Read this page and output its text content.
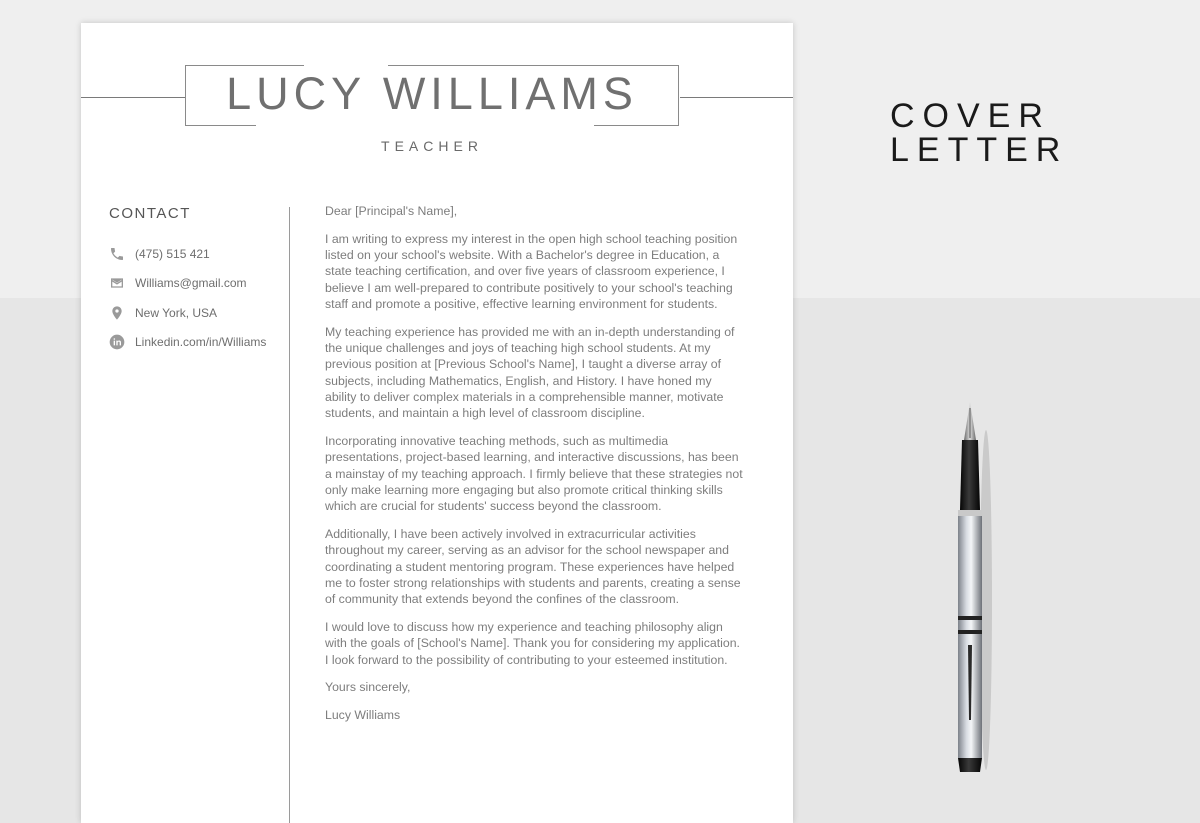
LUCY WILLIAMS
TEACHER
CONTACT
(475) 515 421
Williams@gmail.com
New York, USA
Linkedin.com/in/Williams

Dear [Principal's Name],

I am writing to express my interest in the open high school teaching position listed on your school's website. With a Bachelor's degree in Education, a state teaching certification, and over five years of classroom experience, I believe I am well-prepared to contribute positively to your school's teaching staff and promote a positive, effective learning environment for students.

My teaching experience has provided me with an in-depth understanding of the unique challenges and joys of teaching high school students. At my previous position at [Previous School's Name], I taught a diverse array of subjects, including Mathematics, English, and History. I have honed my ability to deliver complex materials in a comprehensible manner, motivate students, and maintain a high level of classroom discipline.

Incorporating innovative teaching methods, such as multimedia presentations, project-based learning, and interactive discussions, has been a mainstay of my teaching approach. I firmly believe that these strategies not only make learning more engaging but also promote critical thinking skills which are crucial for students' success beyond the classroom.

Additionally, I have been actively involved in extracurricular activities throughout my career, serving as an advisor for the school newspaper and coordinating a student mentoring program. These experiences have helped me to foster strong relationships with students and parents, creating a sense of community that extends beyond the confines of the classroom.

I would love to discuss how my experience and teaching philosophy align with the goals of [School's Name]. Thank you for considering my application. I look forward to the possibility of contributing to your esteemed institution.

Yours sincerely,

Lucy Williams

COVER
LETTER
